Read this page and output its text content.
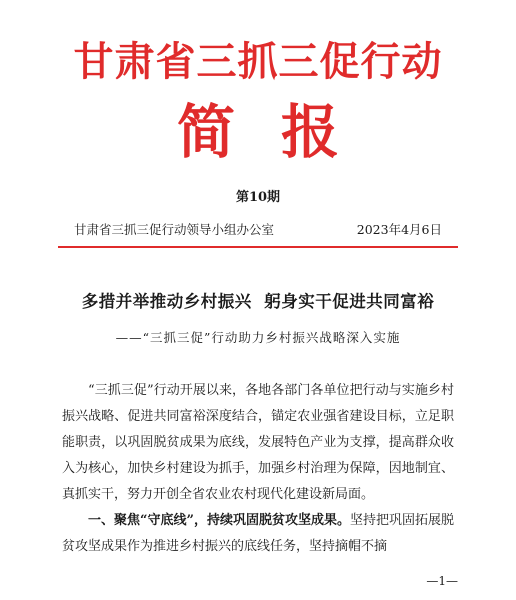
甘肃省三抓三促行动
简报
第10期
甘肃省三抓三促行动领导小组办公室	2023年4月6日
多措并举推动乡村振兴  躬身实干促进共同富裕
——“三抓三促”行动助力乡村振兴战略深入实施

“三抓三促”行动开展以来，各地各部门各单位把行动与实施乡村振兴战略、促进共同富裕深度结合，锚定农业强省建设目标，立足职能职责，以巩固脱贫成果为底线，发展特色产业为支撑，提高群众收入为核心，加快乡村建设为抓手，加强乡村治理为保障，因地制宜、真抓实干，努力开创全省农业农村现代化建设新局面。

一、聚焦“守底线”，持续巩固脱贫攻坚成果。坚持把巩固拓展脱贫攻坚成果作为推进乡村振兴的底线任务，坚持摘帽不摘

—1—
